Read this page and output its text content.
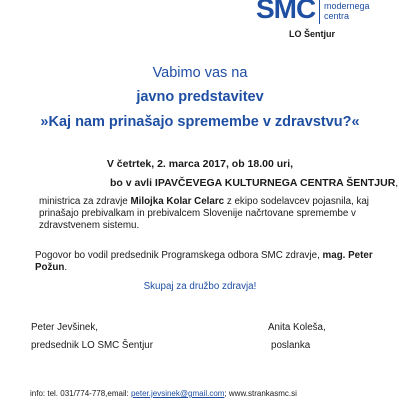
SMC modernega
centra
LO Šentjur
Vabimo vas na
javno predstavitev
»Kaj nam prinašajo spremembe v zdravstvu?«
V četrtek, 2. marca 2017, ob 18.00 uri,
bo v avli IPAVČEVEGA KULTURNEGA CENTRA ŠENTJUR,
ministrica za zdravje Milojka Kolar Celarc z ekipo sodelavcev pojasnila, kaj
prinašajo prebivalkam in prebivalcem Slovenije načrtovane spremembe v
zdravstvenem sistemu.
Pogovor bo vodil predsednik Programskega odbora SMC zdravje, mag. Peter
Požun.
Skupaj za družbo zdravja!
Peter Jevšinek,	Anita Koleša,
predsednik LO SMC Šentjur	poslanka
info: tel. 031/774-778,email: peter.jevsinek@gmail.com; www.strankasmc.si
